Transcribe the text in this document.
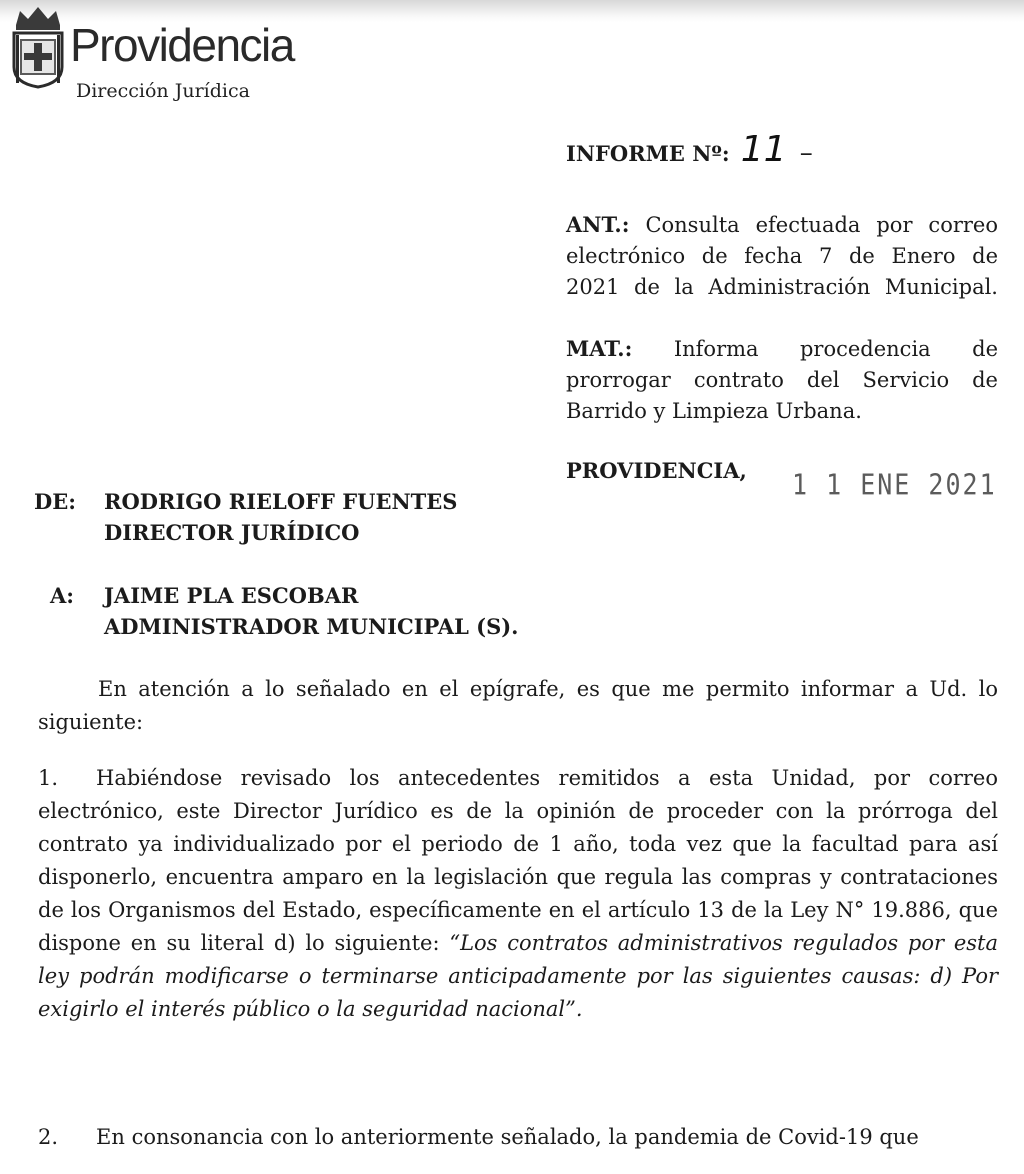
Providencia
Dirección Jurídica
INFORME Nº: 11 –
ANT.: Consulta efectuada por correo
electrónico de fecha 7 de Enero de
2021 de la Administración Municipal.
MAT.: Informa procedencia de
prorrogar contrato del Servicio de
Barrido y Limpieza Urbana.
PROVIDENCIA, 1 1 ENE 2021
DE: RODRIGO RIELOFF FUENTES
DIRECTOR JURÍDICO
A: JAIME PLA ESCOBAR
ADMINISTRADOR MUNICIPAL (S).
En atención a lo señalado en el epígrafe, es que me permito informar a Ud. lo siguiente:
1. Habiéndose revisado los antecedentes remitidos a esta Unidad, por correo electrónico, este Director Jurídico es de la opinión de proceder con la prórroga del contrato ya individualizado por el periodo de 1 año, toda vez que la facultad para así disponerlo, encuentra amparo en la legislación que regula las compras y contrataciones de los Organismos del Estado, específicamente en el artículo 13 de la Ley N° 19.886, que dispone en su literal d) lo siguiente: “Los contratos administrativos regulados por esta ley podrán modificarse o terminarse anticipadamente por las siguientes causas: d) Por exigirlo el interés público o la seguridad nacional”.
2. En consonancia con lo anteriormente señalado, la pandemia de Covid-19 que
